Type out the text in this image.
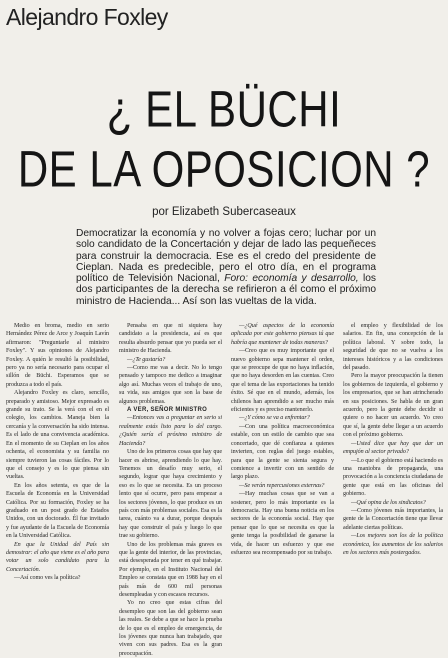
Alejandro Foxley
¿ EL BÜCHI
DE LA OPOSICION ?

por Elizabeth Subercaseaux

Democratizar la economía y no volver a fojas cero; luchar por un solo candidato de la Concertación y dejar de lado las pequeñeces para construir la democracia. Ese es el credo del presidente de Cieplan. Nada es predecible, pero el otro día, en el programa político de Televisión Nacional, Foro: economía y desarrollo, los dos participantes de la derecha se refirieron a él como el próximo ministro de Hacienda... Así son las vueltas de la vida.

Medio en broma, medio en serio Hernández Pérez de Arce y Joaquín Lavín afirmaron: "Preguntarle al ministro Foxley". Y sus opiniones de Alejandro Foxley. A quién le resultó la posibilidad, pero ya no sería necesario para ocupar el sillón de Büchi. Esperamos que se produzca a todo el país.

Alejandro Foxley es claro, sencillo, preparado y amistoso. Mejor expresado es grande su trato. Se la verá con el en el colegio, los cambios. Maneja bien la cercanía y la conversación ha sido intensa. Es el lado de una convivencia académica. En el momento de su Cieplan en los años ochenta, el economista y su familia no siempre tuvieron las cosas fáciles. Por lo que el consejo y es lo que piensa sin vueltas.

En los años setenta, es que de la Escuela de Economía en la Universidad Católica. Por su formación, Foxley se ha graduado en un post grado de Estados Unidos, con un doctorado. Él fue invitado y fue ayudante de la Escuela de Economía en la Universidad Católica.

En que la Unidad del País sin demostrar: el año que viene es el año para votar un solo candidato para la Concertación.

—Así como ves la política?

Pensaba en que ni siquiera hay candidato a la presidencia, así es que resulta absurdo pensar que yo pueda ser el ministro de Hacienda.

—¿Te gustaría?

—Como me vas a decir. No lo tengo pensado y tampoco me dedico a imaginar algo así. Muchas veces el trabajo de uno, su vida, sus amigos que son la base de algunos problemas.

A VER, SEÑOR MINISTRO

—Entonces vas a preguntar en serio si realmente estás listo para lo del cargo. ¿Quién sería el próximo ministro de Hacienda?

Uno de los primeros cosas que hay que hacer es abrirse, aprendiendo lo que hay. Tenemos un desafío muy serio, el segundo, lograr que haya crecimiento y eso es lo que se necesita. Es un proceso lento que sí ocurre, pero para empezar a los sectores jóvenes, lo que produce es un país con más problemas sociales. Esa es la tarea, cuánto va a durar, porque después hay que construir el país y luego lo que trae su gobierno.

Uno de los problemas más graves es que la gente del interior, de las provincias, está desesperada por tener en qué trabajar. Por ejemplo, en el Instituto Nacional del Empleo se constata que en 1988 hay en el país más de 600 mil personas desempleadas y con escasos recursos.

Yo no creo que estas cifras del desempleo que son las del gobierno sean las reales. Se debe a que se hace la prueba de lo que es el empleo de emergencia, de los jóvenes que nunca han trabajado, que viven con sus padres. Esa es la gran preocupación.

—¿Qué aspectos de la economía aplicada por este gobierno piensas tú que habría que mantener de todas maneras?

—Creo que es muy importante que el nuevo gobierno sepa mantener el orden, que se preocupe de que no haya inflación, que no haya desorden en las cuentas. Creo que el tema de las exportaciones ha tenido éxito. Sé que en el mundo, además, los chilenos han aprendido a ser mucho más eficientes y es preciso mantenerlo.

—¿Y cómo se va a enfrentar?

—Con una política macroeconómica estable, con un estilo de cambio que sea concertado, que dé confianza a quienes invierten, con reglas del juego estables, para que la gente se sienta segura y comience a invertir con un sentido de largo plazo.

—Se verán repercusiones externas?

—Hay muchas cosas que se van a sostener, pero lo más importante es la democracia. Hay una buena noticia en los sectores de la economía social. Hay que pensar que lo que se necesita es que la gente tenga la posibilidad de ganarse la vida, de hacer un esfuerzo y que ese esfuerzo sea recompensado por su trabajo.

el empleo y flexibilidad de los salarios. En fin, una concepción de la política laboral. Y sobre todo, la seguridad de que no se vuelva a los intereses históricos y a las condiciones del pasado.

Pero la mayor preocupación la tienen los gobiernos de izquierda, el gobierno y los empresarios, que se han atrincherado en sus posiciones. Se habla de un gran acuerdo, pero la gente debe decidir si quiere o no hacer un acuerdo. Yo creo que sí, la gente debe llegar a un acuerdo con el próximo gobierno.

—Usted dice que hay que dar un empujón al sector privado?

—Lo que el gobierno está haciendo es una maniobra de propaganda, una provocación a la conciencia ciudadana de gente que está en las oficinas del gobierno.

—Qué opina de los sindicatos?

—Como jóvenes más importantes, la gente de la Concertación tiene que llevar adelante ciertas políticas.

—Los mejores son los de la política económica, los aumentos de los salarios en los sectores más postergados.
